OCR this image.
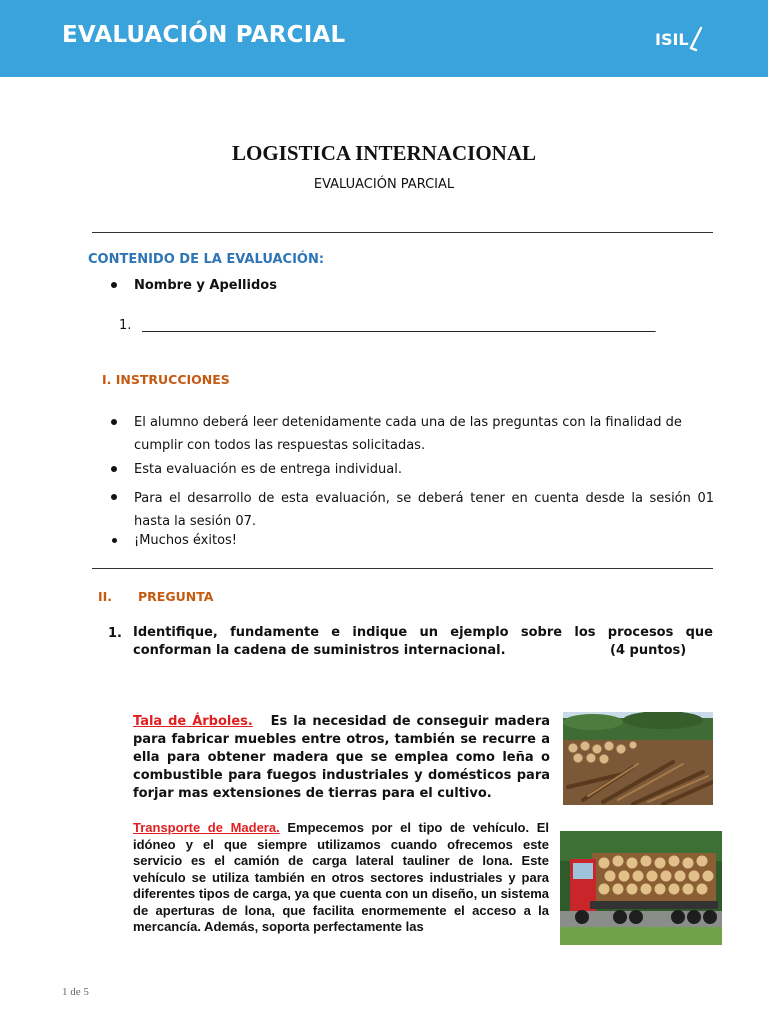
EVALUACIÓN PARCIAL	ISIL
LOGISTICA INTERNACIONAL
EVALUACIÓN PARCIAL
CONTENIDO DE LA EVALUACIÓN:
Nombre y Apellidos
1. _______________________________________________________________________________
I. INSTRUCCIONES
El alumno deberá leer detenidamente cada una de las preguntas con la finalidad de cumplir con todos las respuestas solicitadas.
Esta evaluación es de entrega individual.
Para el desarrollo de esta evaluación, se deberá tener en cuenta desde la sesión 01 hasta la sesión 07.
¡Muchos éxitos!
II. PREGUNTA
1. Identifique, fundamente e indique un ejemplo sobre los procesos que conforman la cadena de suministros internacional.	(4 puntos)
Tala de Árboles. Es la necesidad de conseguir madera para fabricar muebles entre otros, también se recurre a ella para obtener madera que se emplea como leña o combustible para fuegos industriales y domésticos para forjar mas extensiones de tierras para el cultivo.
Transporte de Madera. Empecemos por el tipo de vehículo. El idóneo y el que siempre utilizamos cuando ofrecemos este servicio es el camión de carga lateral tauliner de lona. Este vehículo se utiliza también en otros sectores industriales y para diferentes tipos de carga, ya que cuenta con un diseño, un sistema de aperturas de lona, que facilita enormemente el acceso a la mercancía. Además, soporta perfectamente las
1 de 5
